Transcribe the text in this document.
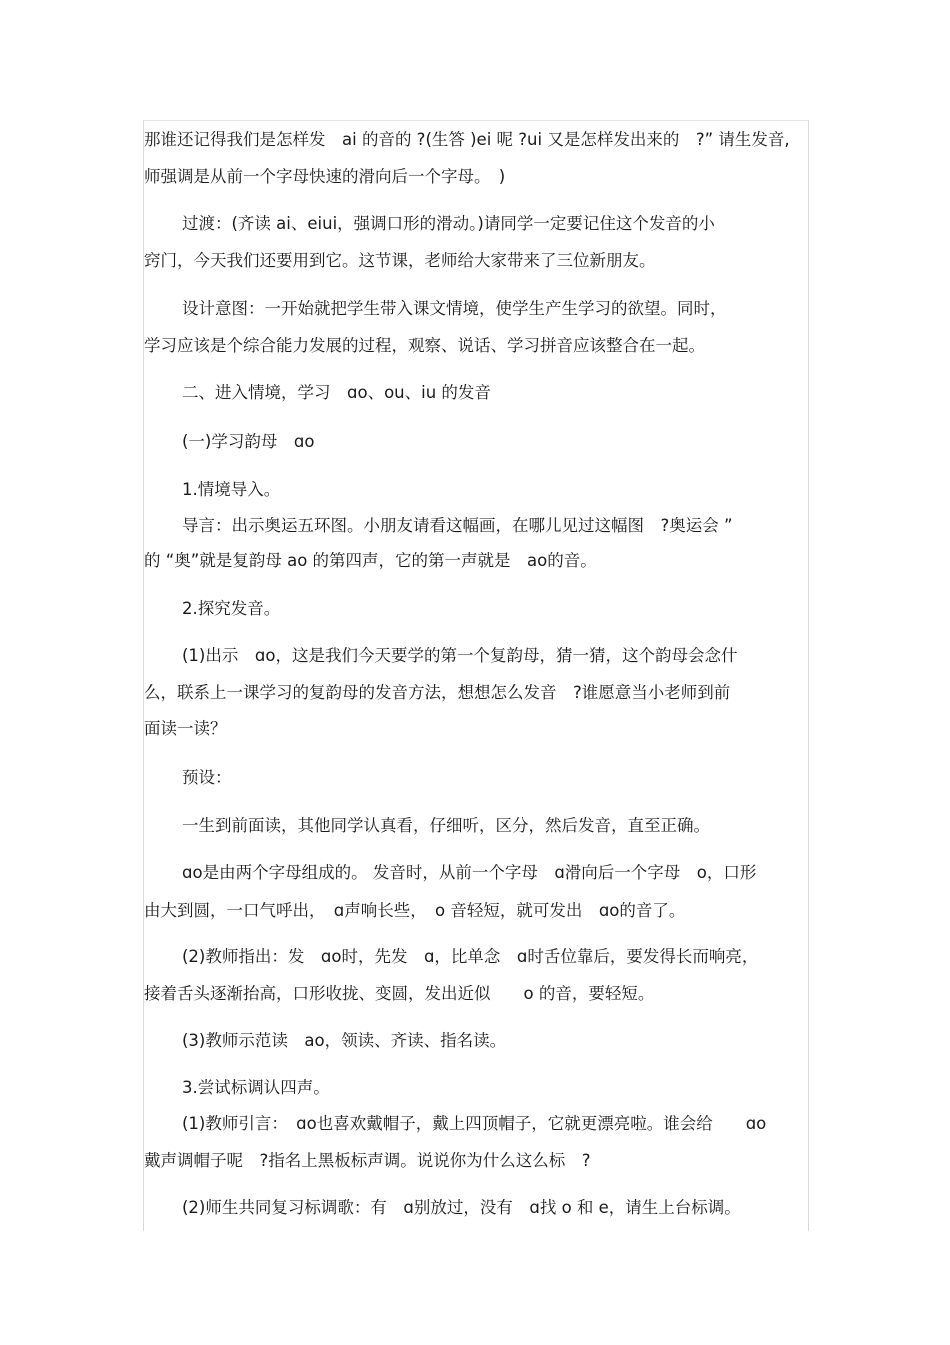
那谁还记得我们是怎样发　ai 的音的 ?(生答 )ei 呢 ?ui 又是怎样发出来的　?” 请生发音,
师强调是从前一个字母快速的滑向后一个字母。　)
过渡：(齐读 ai、eiui，强调口形的滑动。)请同学一定要记住这个发音的小
窍门，今天我们还要用到它。这节课，老师给大家带来了三位新朋友。
设计意图：一开始就把学生带入课文情境，使学生产生学习的欲望。同时，
学习应该是个综合能力发展的过程，观察、说话、学习拼音应该整合在一起。
二、进入情境，学习　ɑo、ou、iu 的发音
(一)学习韵母　ɑo
1.情境导入。
导言：出示奥运五环图。小朋友请看这幅画，在哪儿见过这幅图　?奥运会 ”
的 “奥”就是复韵母 ao 的第四声，它的第一声就是　ao的音。
2.探究发音。
(1)出示　ɑo，这是我们今天要学的第一个复韵母，猜一猜，这个韵母会念什
么，联系上一课学习的复韵母的发音方法，想想怎么发音　?谁愿意当小老师到前
面读一读？
预设：
一生到前面读，其他同学认真看，仔细听，区分，然后发音，直至正确。
ɑo是由两个字母组成的。 发音时，从前一个字母　ɑ滑向后一个字母　o，口形
由大到圆，一口气呼出，　ɑ声响长些，　o 音轻短，就可发出　ɑo的音了。
(2)教师指出：发　ɑo时，先发　ɑ，比单念　ɑ时舌位靠后，要发得长而响亮，
接着舌头逐渐抬高，口形收拢、变圆，发出近似　　o 的音，要轻短。
(3)教师示范读　ao，领读、齐读、指名读。
3.尝试标调认四声。
(1)教师引言：　ɑo也喜欢戴帽子，戴上四顶帽子，它就更漂亮啦。谁会给　　ɑo
戴声调帽子呢　?指名上黑板标声调。说说你为什么这么标　?
(2)师生共同复习标调歌：有　ɑ别放过，没有　ɑ找 o 和 e，请生上台标调。
